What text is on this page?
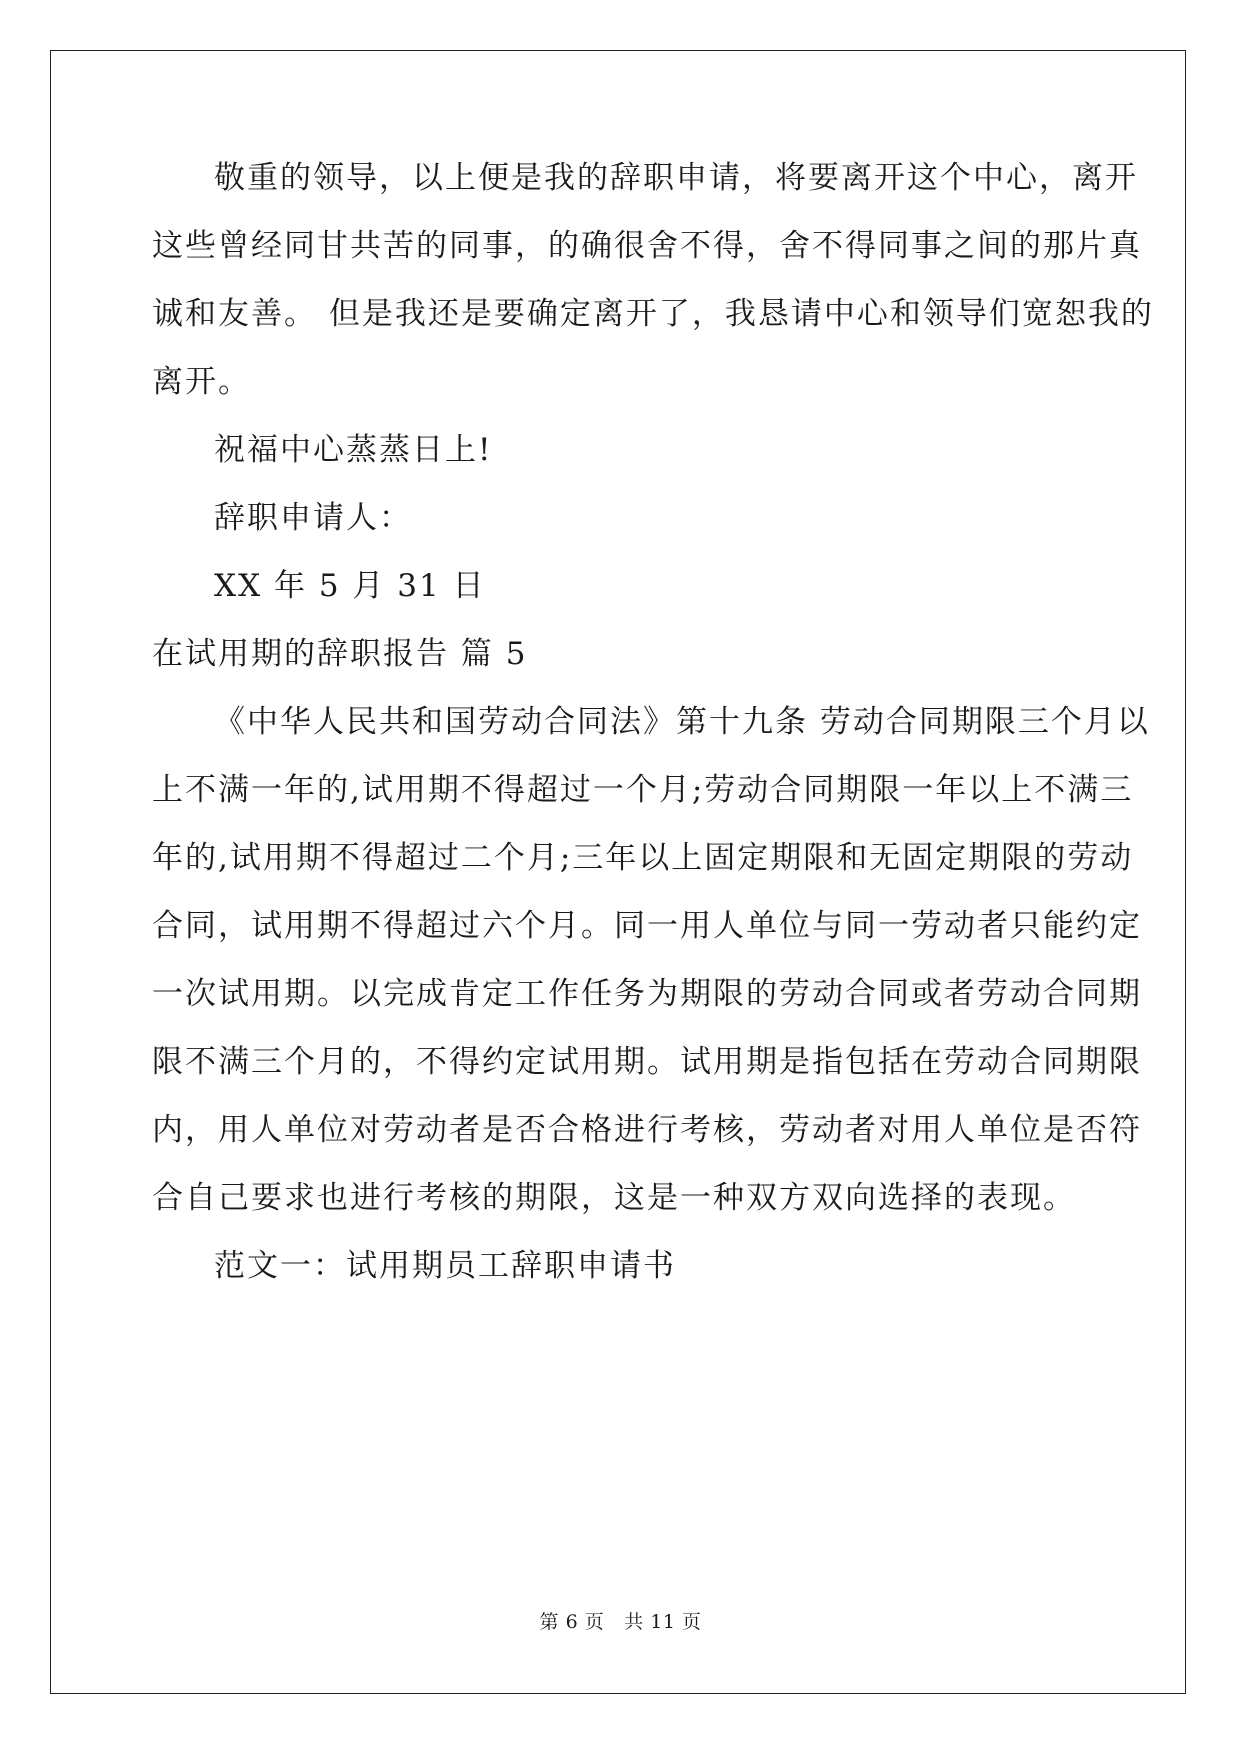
敬重的领导，以上便是我的辞职申请，将要离开这个中心，离开
这些曾经同甘共苦的同事，的确很舍不得，舍不得同事之间的那片真
诚和友善。 但是我还是要确定离开了，我恳请中心和领导们宽恕我的
离开。
祝福中心蒸蒸日上!
辞职申请人：
XX 年 5 月 31 日
在试用期的辞职报告 篇 5
《中华人民共和国劳动合同法》第十九条 劳动合同期限三个月以
上不满一年的,试用期不得超过一个月;劳动合同期限一年以上不满三
年的,试用期不得超过二个月;三年以上固定期限和无固定期限的劳动
合同，试用期不得超过六个月。同一用人单位与同一劳动者只能约定
一次试用期。以完成肯定工作任务为期限的劳动合同或者劳动合同期
限不满三个月的，不得约定试用期。试用期是指包括在劳动合同期限
内，用人单位对劳动者是否合格进行考核，劳动者对用人单位是否符
合自己要求也进行考核的期限，这是一种双方双向选择的表现。
范文一：试用期员工辞职申请书
第 6 页 共 11 页
